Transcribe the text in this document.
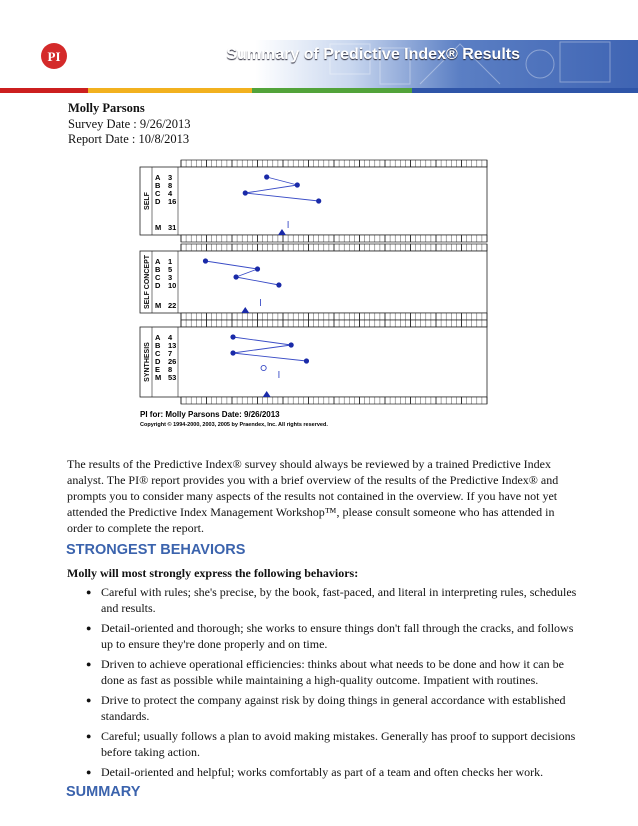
PI	Summary of Predictive Index® Results
Molly Parsons
Survey Date : 9/26/2013
Report Date : 10/8/2013
SELF
A 3
B 8
C 4
D 16
M 31
SELF CONCEPT A 1
B 5
C 3
D 10
M 22
SYNTHESIS
A 4
B 13
C 7
D 26
E 8
M 53
PI for: Molly Parsons Date: 9/26/2013
Copyright © 1994-2000, 2003, 2005 by Praendex, Inc. All rights reserved.

The results of the Predictive Index® survey should always be reviewed by a trained Predictive Index analyst. The PI® report provides you with a brief overview of the results of the Predictive Index® and prompts you to consider many aspects of the results not contained in the overview. If you have not yet attended the Predictive Index Management Workshop™, please consult someone who has attended in order to complete the report.

STRONGEST BEHAVIORS
Molly will most strongly express the following behaviors:
● Careful with rules; she's precise, by the book, fast-paced, and literal in interpreting rules, schedules and results.
● Detail-oriented and thorough; she works to ensure things don't fall through the cracks, and follows up to ensure they're done properly and on time.
● Driven to achieve operational efficiencies: thinks about what needs to be done and how it can be done as fast as possible while maintaining a high-quality outcome. Impatient with routines.
● Drive to protect the company against risk by doing things in general accordance with established standards.
● Careful; usually follows a plan to avoid making mistakes. Generally has proof to support decisions before taking action.
● Detail-oriented and helpful; works comfortably as part of a team and often checks her work.
SUMMARY
